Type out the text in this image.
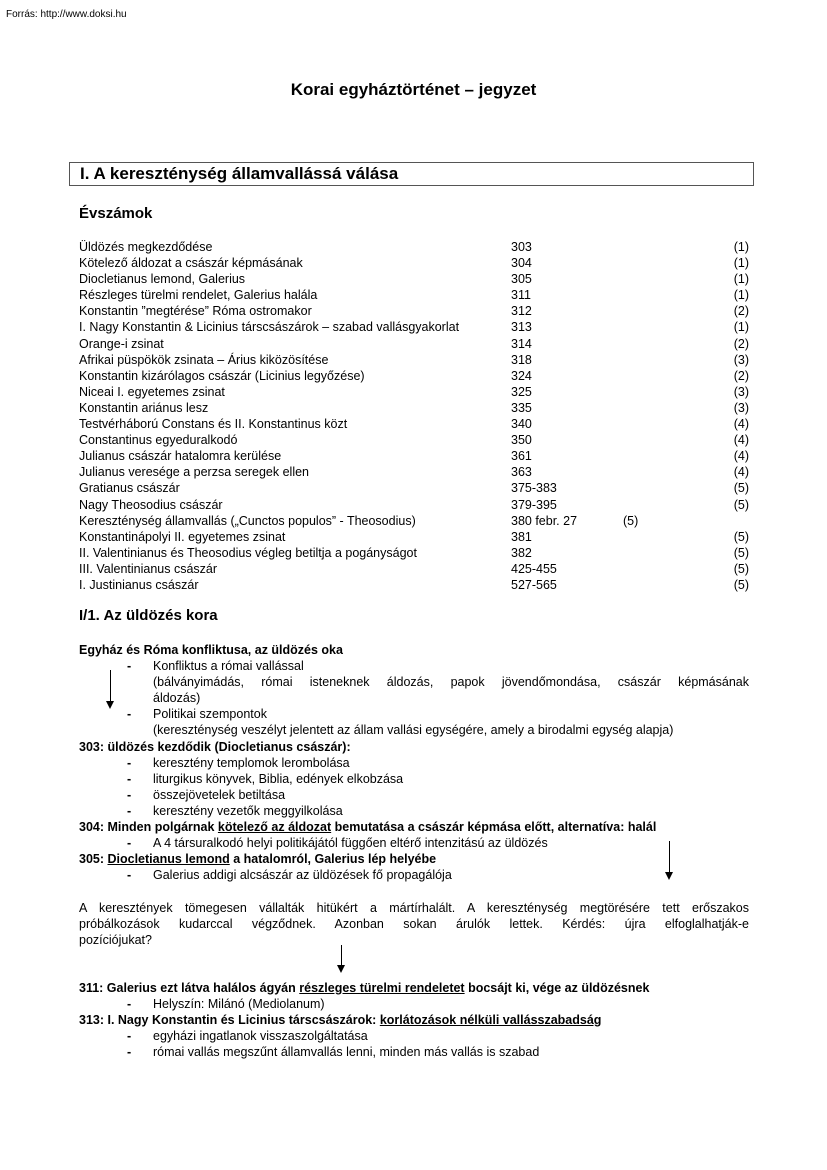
Forrás: http://www.doksi.hu
Korai egyháztörténet – jegyzet
I. A kereszténység államvallássá válása
Évszámok
Üldözés megkezdődése	303	(1)
Kötelező áldozat a császár képmásának	304	(1)
Diocletianus lemond, Galerius	305	(1)
Részleges türelmi rendelet, Galerius halála	311	(1)
Konstantin ”megtérése” Róma ostromakor	312	(2)
I. Nagy Konstantin & Licinius társcsászárok – szabad vallásgyakorlat	313	(1)
Orange-i zsinat	314	(2)
Afrikai püspökök zsinata – Árius kiközösítése	318	(3)
Konstantin kizárólagos császár (Licinius legyőzése)	324	(2)
Niceai I. egyetemes zsinat	325	(3)
Konstantin ariánus lesz	335	(3)
Testvérháború Constans és II. Konstantinus közt	340	(4)
Constantinus egyeduralkodó	350	(4)
Julianus császár hatalomra kerülése	361	(4)
Julianus veresége a perzsa seregek ellen	363	(4)
Gratianus császár	375-383	(5)
Nagy Theosodius császár	379-395	(5)
Kereszténység államvallás („Cunctos populos” - Theosodius)	380 febr. 27	(5)
Konstantinápolyi II. egyetemes zsinat	381	(5)
II. Valentinianus és Theosodius végleg betiltja a pogányságot	382	(5)
III. Valentinianus császár	425-455	(5)
I. Justinianus császár	527-565	(5)
I/1. Az üldözés kora
Egyház és Róma konfliktusa, az üldözés oka
- Konfliktus a római vallással
(bálványimádás, római isteneknek áldozás, papok jövendőmondása, császár képmásának
áldozás)
- Politikai szempontok
(kereszténység veszélyt jelentett az állam vallási egységére, amely a birodalmi egység alapja)
303: üldözés kezdődik (Diocletianus császár):
- keresztény templomok lerombolása
- liturgikus könyvek, Biblia, edények elkobzása
- összejövetelek betiltása
- keresztény vezetők meggyilkolása
304: Minden polgárnak kötelező az áldozat bemutatása a császár képmása előtt, alternatíva: halál
- A 4 társuralkodó helyi politikájától függően eltérő intenzitású az üldözés
305: Diocletianus lemond a hatalomról, Galerius lép helyébe
- Galerius addigi alcsászár az üldözések fő propagálója
A keresztények tömegesen vállalták hitükért a mártírhalált. A kereszténység megtörésére tett erőszakos
próbálkozások kudarccal végződnek. Azonban sokan árulók lettek. Kérdés: újra elfoglalhatják-e
pozíciójukat?
311: Galerius ezt látva halálos ágyán részleges türelmi rendeletet bocsájt ki, vége az üldözésnek
- Helyszín: Milánó (Mediolanum)
313: I. Nagy Konstantin és Licinius társcsászárok: korlátozások nélküli vallásszabadság
- egyházi ingatlanok visszaszolgáltatása
- római vallás megszűnt államvallás lenni, minden más vallás is szabad
